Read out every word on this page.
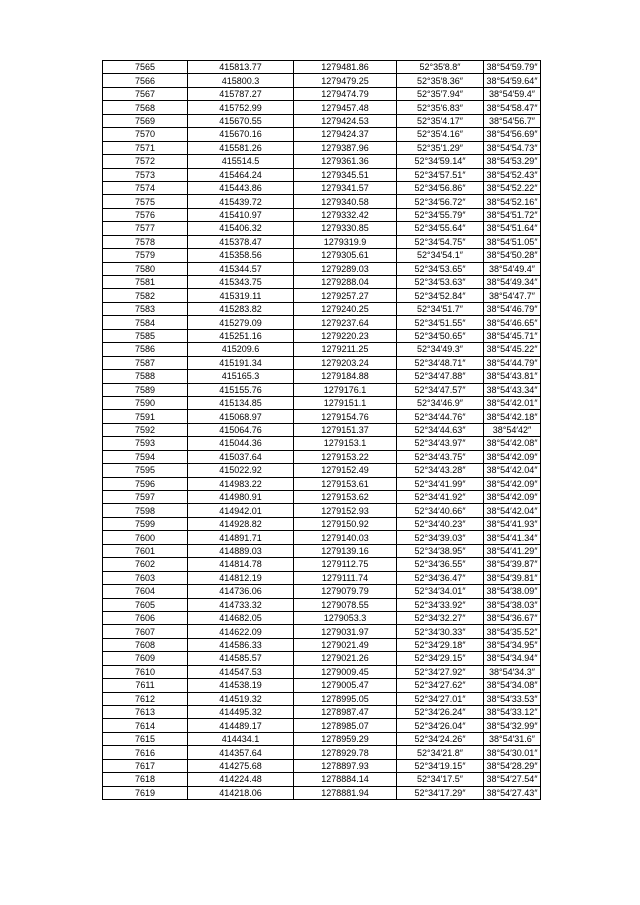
7565	415813.77	1279481.86	52°35′8.8″	38°54′59.79″
7566	415800.3	1279479.25	52°35′8.36″	38°54′59.64″
7567	415787.27	1279474.79	52°35′7.94″	38°54′59.4″
7568	415752.99	1279457.48	52°35′6.83″	38°54′58.47″
7569	415670.55	1279424.53	52°35′4.17″	38°54′56.7″
7570	415670.16	1279424.37	52°35′4.16″	38°54′56.69″
7571	415581.26	1279387.96	52°35′1.29″	38°54′54.73″
7572	415514.5	1279361.36	52°34′59.14″	38°54′53.29″
7573	415464.24	1279345.51	52°34′57.51″	38°54′52.43″
7574	415443.86	1279341.57	52°34′56.86″	38°54′52.22″
7575	415439.72	1279340.58	52°34′56.72″	38°54′52.16″
7576	415410.97	1279332.42	52°34′55.79″	38°54′51.72″
7577	415406.32	1279330.85	52°34′55.64″	38°54′51.64″
7578	415378.47	1279319.9	52°34′54.75″	38°54′51.05″
7579	415358.56	1279305.61	52°34′54.1″	38°54′50.28″
7580	415344.57	1279289.03	52°34′53.65″	38°54′49.4″
7581	415343.75	1279288.04	52°34′53.63″	38°54′49.34″
7582	415319.11	1279257.27	52°34′52.84″	38°54′47.7″
7583	415283.82	1279240.25	52°34′51.7″	38°54′46.79″
7584	415279.09	1279237.64	52°34′51.55″	38°54′46.65″
7585	415251.16	1279220.23	52°34′50.65″	38°54′45.71″
7586	415209.6	1279211.25	52°34′49.3″	38°54′45.22″
7587	415191.34	1279203.24	52°34′48.71″	38°54′44.79″
7588	415165.3	1279184.88	52°34′47.88″	38°54′43.81″
7589	415155.76	1279176.1	52°34′47.57″	38°54′43.34″
7590	415134.85	1279151.1	52°34′46.9″	38°54′42.01″
7591	415068.97	1279154.76	52°34′44.76″	38°54′42.18″
7592	415064.76	1279151.37	52°34′44.63″	38°54′42″
7593	415044.36	1279153.1	52°34′43.97″	38°54′42.08″
7594	415037.64	1279153.22	52°34′43.75″	38°54′42.09″
7595	415022.92	1279152.49	52°34′43.28″	38°54′42.04″
7596	414983.22	1279153.61	52°34′41.99″	38°54′42.09″
7597	414980.91	1279153.62	52°34′41.92″	38°54′42.09″
7598	414942.01	1279152.93	52°34′40.66″	38°54′42.04″
7599	414928.82	1279150.92	52°34′40.23″	38°54′41.93″
7600	414891.71	1279140.03	52°34′39.03″	38°54′41.34″
7601	414889.03	1279139.16	52°34′38.95″	38°54′41.29″
7602	414814.78	1279112.75	52°34′36.55″	38°54′39.87″
7603	414812.19	1279111.74	52°34′36.47″	38°54′39.81″
7604	414736.06	1279079.79	52°34′34.01″	38°54′38.09″
7605	414733.32	1279078.55	52°34′33.92″	38°54′38.03″
7606	414682.05	1279053.3	52°34′32.27″	38°54′36.67″
7607	414622.09	1279031.97	52°34′30.33″	38°54′35.52″
7608	414586.33	1279021.49	52°34′29.18″	38°54′34.95″
7609	414585.57	1279021.26	52°34′29.15″	38°54′34.94″
7610	414547.53	1279009.45	52°34′27.92″	38°54′34.3″
7611	414538.19	1279005.47	52°34′27.62″	38°54′34.08″
7612	414519.32	1278995.05	52°34′27.01″	38°54′33.53″
7613	414495.32	1278987.47	52°34′26.24″	38°54′33.12″
7614	414489.17	1278985.07	52°34′26.04″	38°54′32.99″
7615	414434.1	1278959.29	52°34′24.26″	38°54′31.6″
7616	414357.64	1278929.78	52°34′21.8″	38°54′30.01″
7617	414275.68	1278897.93	52°34′19.15″	38°54′28.29″
7618	414224.48	1278884.14	52°34′17.5″	38°54′27.54″
7619	414218.06	1278881.94	52°34′17.29″	38°54′27.43″
